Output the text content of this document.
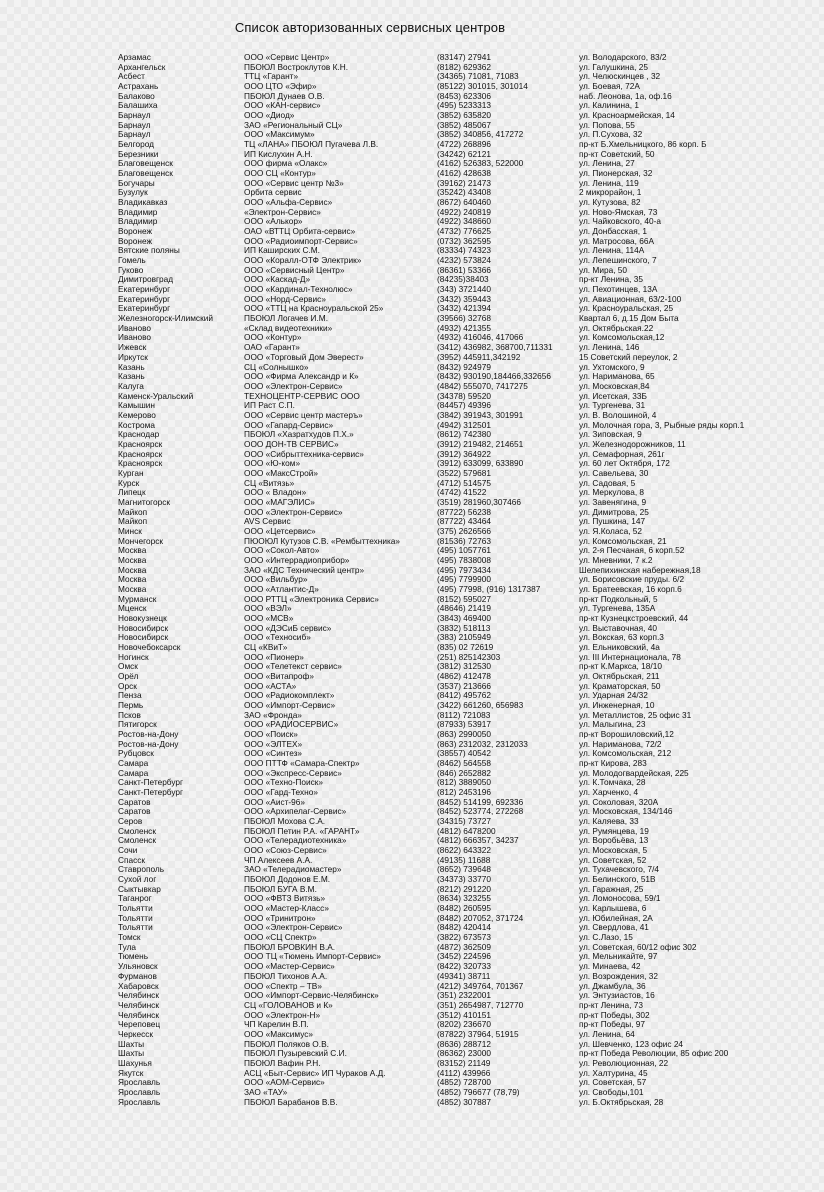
Список авторизованных сервисных центров
Арзамас	ООО «Сервис Центр»	(83147) 27941	ул. Володарского, 83/2
Архангельск	ПБОЮЛ Востроклутов К.Н.	(8182) 629362	ул. Галушкина, 25
Асбест	ТТЦ «Гарант»	(34365) 71081, 71083	ул. Челюскинцев , 32
Астрахань	ООО ЦТО «Эфир»	(85122) 301015, 301014	ул. Боевая, 72А
Балаково	ПБОЮЛ Дунаев О.В.	(8453) 623306	наб. Леонова, 1а, оф.16
Балашиха	ООО «КАН-сервис»	(495) 5233313	ул. Калинина, 1
Барнаул	ООО «Диод»	(3852) 635820	ул. Красноармейская, 14
Барнаул	ЗАО «Региональный СЦ»	(3852) 485067	ул. Попова, 55
Барнаул	ООО «Максимум»	(3852) 340856, 417272	ул. П.Сухова, 32
Белгород	ТЦ «ЛАНА» ПБОЮЛ Пугачева Л.В.	(4722) 268896	пр-кт Б.Хмельницкого, 86 корп. Б
Березники	ИП Кислухин А.Н.	(34242) 62121	пр-кт Советский, 50
Благовещенск	ООО фирма «Олакс»	(4162) 526383, 522000	ул. Ленина, 27
Благовещенск	ООО СЦ «Контур»	(4162) 428638	ул. Пионерская, 32
Богучары	ООО «Сервис центр №3»	(39162) 21473	ул. Ленина, 119
Бузулук	Орбита сервис	(35242) 43408	2 микрорайон, 1
Владикавказ	ООО «Альфа-Сервис»	(8672) 640460	ул. Кутузова, 82
Владимир	«Электрон-Сервис»	(4922) 240819	ул. Ново-Ямская, 73
Владимир	ООО «Алькор»	(4922) 348660	ул. Чайковского, 40-а
Воронеж	ОАО «ВТТЦ Орбита-сервис»	(4732) 776625	ул. Донбасская, 1
Воронеж	ООО «Радиоимпорт-Сервис»	(0732) 362595	ул. Матросова, 66А
Вятские поляны	ИП Каширских С.М.	(83334) 74323	ул. Ленина, 114А
Гомель	ООО «Коралл-ОТФ Электрик»	(4232) 573824	ул. Лепешинского, 7
Гуково	ООО «Сервисный Центр»	(86361) 53366	ул. Мира, 50
Димитровград	ООО «Каскад-Д»	(84235)38403	пр-кт Ленина, 35
Екатеринбург	ООО «Кардинал-Технолюс»	(343) 3721440	ул. Пехотинцев, 13А
Екатеринбург	ООО «Норд-Сервис»	(3432) 359443	ул. Авиационная, 63/2-100
Екатеринбург	ООО «ТТЦ на Красноуральской 25»	(3432) 421394	ул. Красноуральская, 25
Железногорск-Илимский	ПБОЮЛ Логачев И.М.	(39566) 32768	Квартал 6, д.15 Дом Быта
Иваново	«Склад видеотехники»	(4932) 421355	ул. Октябрьская.22
Иваново	ООО «Контур»	(4932) 416046, 417066	ул. Комсомольская,12
Ижевск	ОАО «Гарант»	(3412) 436982, 368700,711331	ул. Ленина, 146
Иркутск	ООО «Торговый Дом Эверест»	(3952) 445911,342192	15 Советский переулок, 2
Казань	СЦ «Солнышко»	(8432) 924979	ул. Ухтомского, 9
Казань	ООО «Фирма Александр и К»	(8432) 930190,184466,332656	ул. Нариманова, 65
Калуга	ООО «Электрон-Сервис»	(4842) 555070, 7417275	ул. Московская,84
Каменск-Уральский	ТЕХНОЦЕНТР-СЕРВИС ООО	(34378) 59520	ул. Исетская, 33Б
Камышин	ИП Раст С.П.	(84457) 49396	ул. Тургенева, 31
Кемерово	ООО «Сервис центр мастеръ»	(3842) 391943, 301991	ул. В. Волошиной, 4
Кострома	ООО «Гапард-Сервис»	(4942) 312501	ул. Молочная гора, 3, Рыбные ряды корп.1
Краснодар	ПБОЮЛ «Хазратхудов П.Х.»	(8612) 742380	ул. Зиповская, 9
Красноярск	ООО ДОН-ТВ СЕРВИС»	(3912) 219482, 214651	ул. Железнодорожников, 11
Красноярск	ООО «Сибрыттехника-сервис»	(3912) 364922	ул. Семафорная, 261г
Красноярск	ООО «Ю-ком»	(3912) 633099, 633890	ул. 60 лет Октября, 172
Курган	ООО «МаксСтрой»	(3522) 579681	ул. Савельева, 30
Курск	СЦ «Витязь»	(4712) 514575	ул. Садовая, 5
Липецк	ООО « Владон»	(4742) 41522	ул. Меркулова, 8
Магнитогорск	ООО «МАГЭЛИС»	(3519) 281960,307466	ул. Завенягина, 9
Майкоп	ООО «Электрон-Сервис»	(87722) 56238	ул. Димитрова, 25
Майкоп	AVS Сервис	(87722) 43464	ул. Пушкина, 147
Минск	ООО «Цетсервис»	(375) 2626566	ул. Я.Коласа, 52
Мончегорск	ПЮОЮЛ Кутузов С.В. «Рембыттехника»	(81536) 72763	ул. Комсомольская, 21
Москва	ООО «Сокол-Авто»	(495) 1057761	ул. 2-я Песчаная, 6 корп.52
Москва	ООО «Интеррадиоприбор»	(495) 7838008	ул. Мневники, 7 к.2
Москва	ЗАО «КДС Технический центр»	(495) 7973434	Шелепихинская набережная,18
Москва	ООО «Вильбур»	(495) 7799900	ул. Борисовские пруды. 6/2
Москва	ООО «Атлантис-Д»	(495) 77998, (916) 1317387	ул. Братеевская, 16 корп.6
Мурманск	ООО РТТЦ «Электроника Сервис»	(8152) 595027	пр-кт Подкольный, 5
Мценск	ООО «ВЭЛ»	(48646) 21419	ул. Тургенева, 135А
Новокузнецк	ООО «МСВ»	(3843) 469400	пр-кт Кузнецкстроевский, 44
Новосибирск	ООО «ДЭСиБ сервис»	(3832) 518113	ул. Выставочная, 40
Новосибирск	ООО «Техносиб»	(383) 2105949	ул. Вокская, 63 корп.3
Новочебоксарск	СЦ «КВиТ»	(835) 02 72619	ул. Ельниковский, 4а
Ногинск	ООО «Пионер»	(251) 825142303	ул. III Интернационала, 78
Омск	ООО «Телетекст сервис»	(3812) 312530	пр-кт К.Маркса, 18/10
Орёл	ООО «Витапроф»	(4862) 412478	ул. Октябрьская, 211
Орск	ООО «АСТА»	(3537) 213666	ул. Краматорская, 50
Пенза	ООО «Радиокомплект»	(8412) 495762	ул. Ударная 24/32
Пермь	ООО «Импорт-Сервис»	(3422) 661260, 656983	ул. Инженерная, 10
Псков	ЗАО «Фронда»	(8112) 721083	ул. Металлистов, 25 офис 31
Пятигорск	ООО «РАДИОСЕРВИС»	(87933) 53917	ул. Малыгина, 23
Ростов-на-Дону	ООО «Поиск»	(863) 2990050	пр-кт Ворошиловский,12
Ростов-на-Дону	ООО «ЭЛТЕХ»	(863) 2312032, 2312033	ул. Нариманова, 72/2
Рубцовск	ООО «Синтез»	(38557) 40542	ул. Комсомольская, 212
Самара	ООО ПТТФ «Самара-Спектр»	(8462) 564558	пр-кт Кирова, 283
Самара	ООО «Экспресс-Сервис»	(846) 2652882	ул. Молодогвардейская, 225
Санкт-Петербург	ООО «Техно-Поиск»	(812) 3889050	ул. К.Томчака, 28
Санкт-Петербург	ООО «Гард-Техно»	(812) 2453196	ул. Харченко, 4
Саратов	ООО «Аист-96»	(8452) 514199, 692336	ул. Соколовая, 320А
Саратов	ООО «Архипелаг-Сервис»	(8452) 523774, 272268	ул. Московская, 134/146
Серов	ПБОЮЛ Мохова С.А.	(34315) 73727	ул. Каляева, 33
Смоленск	ПБОЮЛ Петин Р.А. «ГАРАНТ»	(4812) 6478200	ул. Румянцева, 19
Смоленск	ООО «Телерадиотехника»	(4812) 666357, 34237	ул. Воробьёва, 13
Сочи	ООО «Союз-Сервис»	(8622) 643322	ул. Московская, 5
Спасск	ЧП Алексеев А.А.	(49135) 11688	ул. Советская, 52
Ставрополь	ЗАО «Телерадиомастер»	(8652) 739648	ул. Тухачевского, 7/4
Сухой лог	ПБОЮЛ Додонов Е.М.	(34373) 33770	ул. Белинского, 51В
Сыктывкар	ПБОЮЛ БУГА В.М.	(8212) 291220	ул. Гаражная, 25
Таганрог	ООО «ФВТЗ Витязь»	(8634) 323255	ул. Ломоносова, 59/1
Тольятти	ООО «Мастер-Класс»	(8482) 260595	ул. Карлышева, 6
Тольятти	ООО «Тринитрон»	(8482) 207052, 371724	ул. Юбилейная, 2А
Тольятти	ООО «Электрон-Сервис»	(8482) 420414	ул. Свердлова, 41
Томск	ООО «СЦ Спектр»	(3822) 673573	ул. С.Лазо, 15
Тула	ПБОЮЛ БРОВКИН В.А.	(4872) 362509	ул. Советская, 60/12 офис 302
Тюмень	ООО ТЦ «Тюмень Импорт-Сервис»	(3452) 224596	ул. Мельникайте, 97
Ульяновск	ООО «Мастер-Сервис»	(8422) 320733	ул. Минаева, 42
Фурманов	ПБОЮЛ Тихонов А.А.	(49341) 38711	ул. Возрождения, 32
Хабаровск	ООО «Спектр – ТВ»	(4212) 349764, 701367	ул. Джамбула, 36
Челябинск	ООО «Импорт-Сервис-Челябинск»	(351) 2322001	ул. Энтузиастов, 16
Челябинск	СЦ «ГОЛОВАНОВ и К»	(351) 2654987, 712770	пр-кт Ленина, 73
Челябинск	ООО «Электрон-Н»	(3512) 410151	пр-кт Победы, 302
Череповец	ЧП Карелин В.П.	(8202) 236670	пр-кт Победы, 97
Черкесск	ООО «Максимус»	(87822) 37964, 51915	ул. Ленина, 64
Шахты	ПБОЮЛ Поляков О.В.	(8636) 288712	ул. Шевченко, 123 офис 24
Шахты	ПБОЮЛ Пузыревский С.И.	(86362) 23000	пр-кт Победа Революции, 85 офис 200
Шахунья	ПБОЮЛ Вафин Р.Н.	(83152) 21149	ул. Революционная, 22
Якутск	АСЦ «Быт-Сервис» ИП Чураков А.Д.	(4112) 439966	ул. Халтурина, 45
Ярославль	ООО «АОМ-Сервис»	(4852) 728700	ул. Советская, 57
Ярославль	ЗАО «ТАУ»	(4852) 796677 (78,79)	ул. Свободы,101
Ярославль	ПБОЮЛ Барабанов В.В.	(4852) 307887	ул. Б.Октябрьская, 28
